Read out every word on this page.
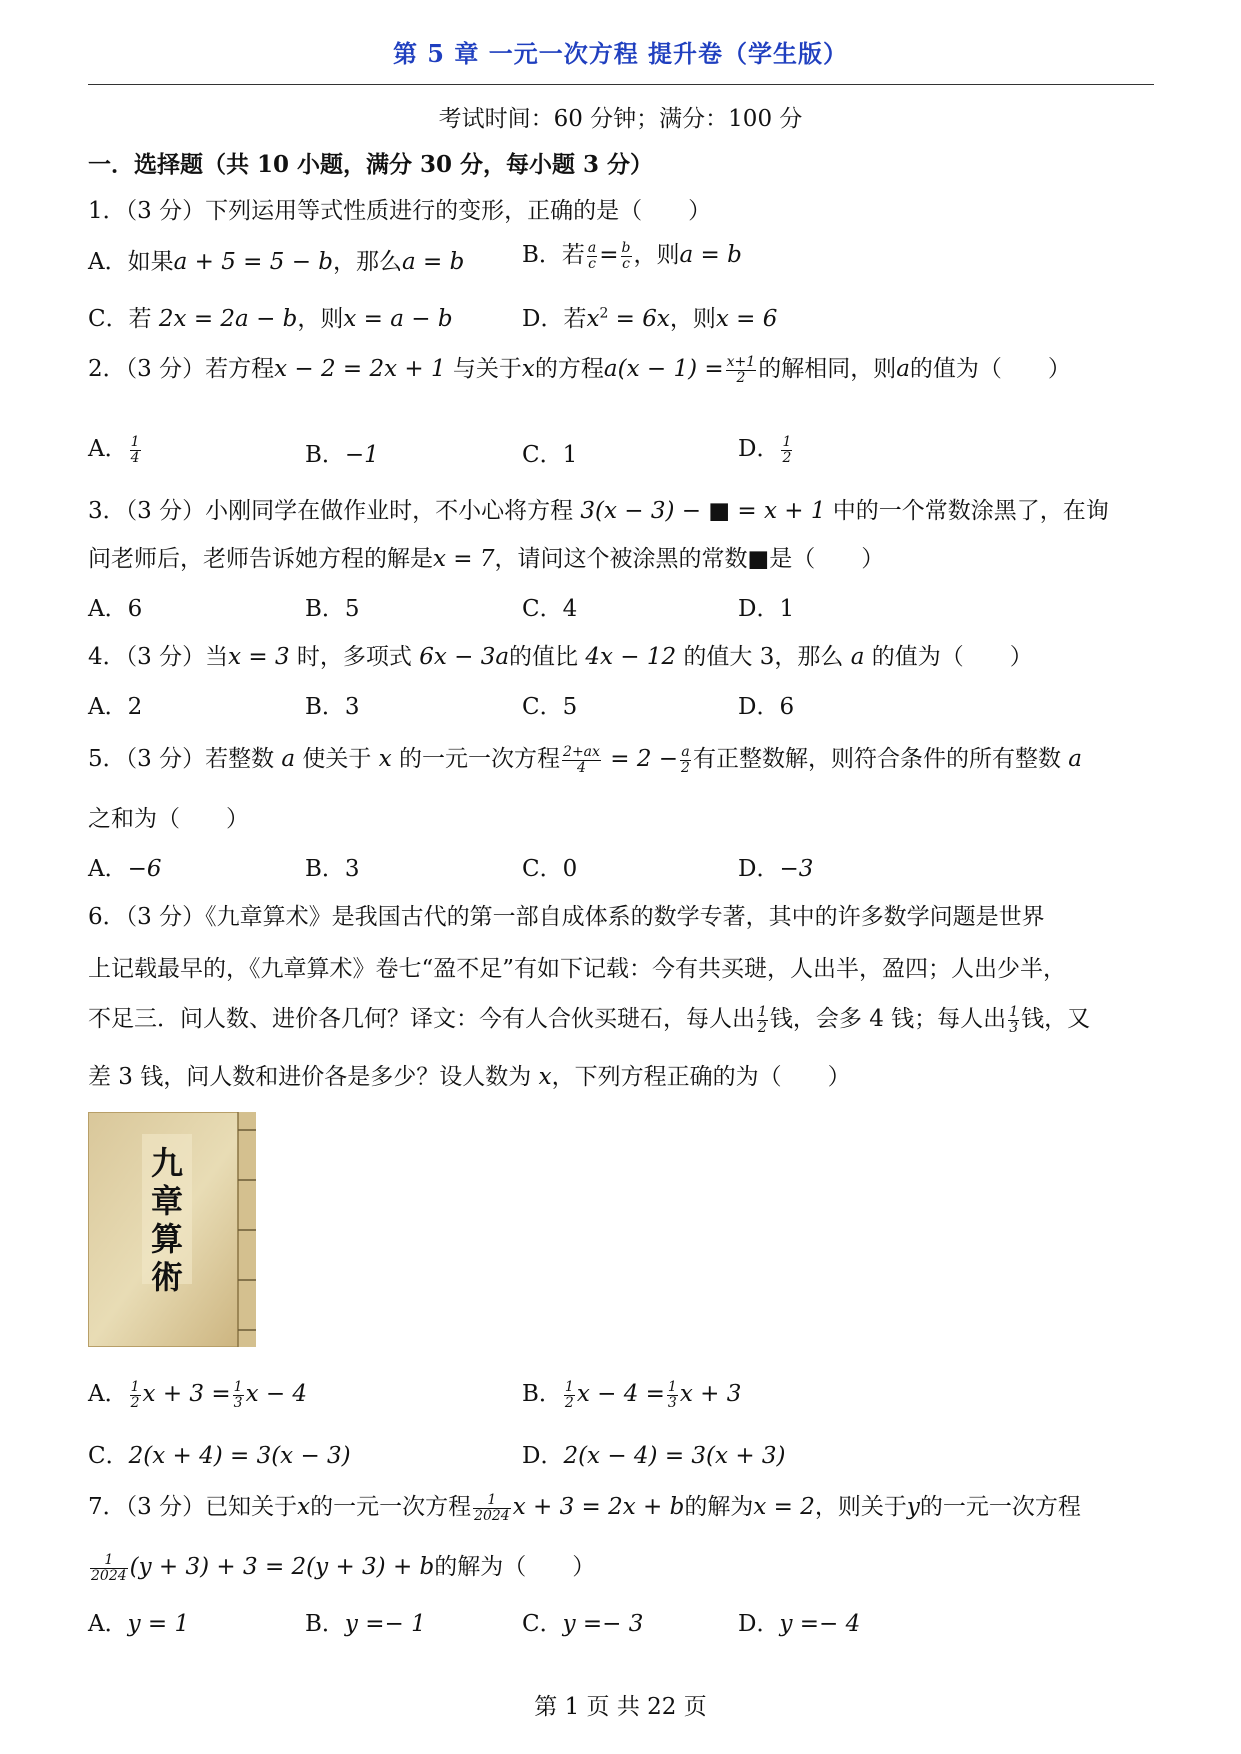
第 5 章 一元一次方程 提升卷（学生版）
考试时间：60 分钟；满分：100 分
一．选择题（共 10 小题，满分 30 分，每小题 3 分）
1．（3 分）下列运用等式性质进行的变形，正确的是（　　）
A．如果a + 5 = 5 − b，那么a = b	B．若 $\frac{a}{c} = \frac{b}{c}$ ，则a = b
C．若 2x = 2a − b，则x = a − b	D．若$x^2 = 6x$，则x = 6
2．（3 分）若方程x − 2 = 2x + 1 与关于x的方程$a(x - 1) = \frac{x+1}{2}$ 的解相同，则a的值为（　　）
A． $\frac{1}{4}$	B．−1	C．1	D． $\frac{1}{2}$
3．（3 分）小刚同学在做作业时，不小心将方程 3(x − 3) − ■ = x + 1 中的一个常数涂黑了，在询
问老师后，老师告诉她方程的解是x = 7，请问这个被涂黑的常数■是（　　）
A．6	B．5	C．4	D．1
4．（3 分）当x = 3 时，多项式 6x − 3a的值比 4x − 12 的值大 3，那么 a 的值为（　　）
A．2	B．3	C．5	D．6
5．（3 分）若整数 a 使关于 x 的一元一次方程 $\frac{2+ax}{4} = 2 - \frac{a}{2}$ 有正整数解，则符合条件的所有整数 a
之和为（　　）
A．−6	B．3	C．0	D．−3
6．（3 分）《九章算术》是我国古代的第一部自成体系的数学专著，其中的许多数学问题是世界
上记载最早的，《九章算术》卷七“盈不足”有如下记载：今有共买琎，人出半，盈四；人出少半，
不足三．问人数、进价各几何？译文：今有人合伙买琎石，每人出 $\frac{1}{2}$ 钱，会多 4 钱；每人出 $\frac{1}{3}$ 钱，又
差 3 钱，问人数和进价各是多少？设人数为 x，下列方程正确的为（　　）
九
章
算
術
A． $\frac{1}{2}$ $x + 3 = \frac{1}{3}$ x − 4	B． $\frac{1}{2}$ $x - 4 = \frac{1}{3}$ x + 3
C．2(x + 4) = 3(x − 3)	D．2(x − 4) = 3(x + 3)
7．（3 分）已知关于x的一元一次方程 $\frac{1}{2024}$ x + 3 = 2x + b的解为x = 2，则关于y的一元一次方程
$\frac{1}{2024} (y + 3) + 3 = 2(y + 3) + b$的解为（　　）
A．y = 1	B．y =− 1	C．y =− 3	D．y =− 4
第 1 页 共 22 页
